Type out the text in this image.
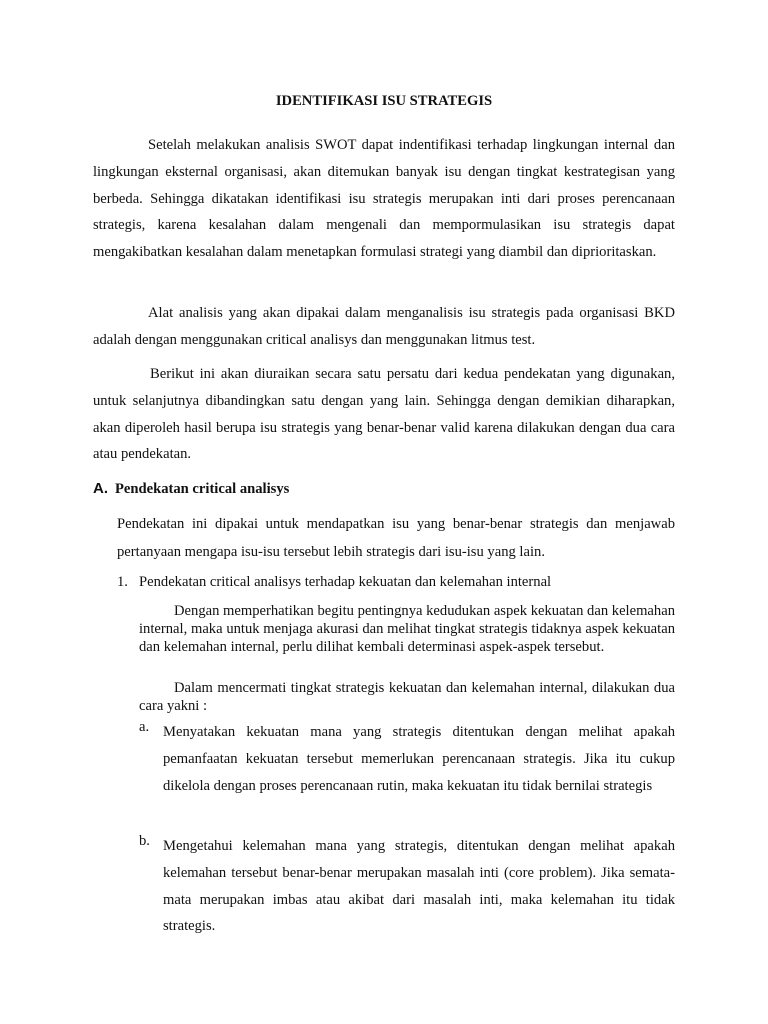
IDENTIFIKASI ISU STRATEGIS

Setelah melakukan analisis SWOT dapat indentifikasi terhadap lingkungan internal dan lingkungan eksternal organisasi, akan ditemukan banyak isu dengan tingkat kestrategisan yang berbeda. Sehingga dikatakan identifikasi isu strategis merupakan inti dari proses perencanaan strategis, karena kesalahan dalam mengenali dan mempormulasikan isu strategis dapat mengakibatkan kesalahan dalam menetapkan formulasi strategi yang diambil dan diprioritaskan.

Alat analisis yang akan dipakai dalam menganalisis isu strategis pada organisasi BKD adalah dengan menggunakan critical analisys dan menggunakan litmus test.

Berikut ini akan diuraikan secara satu persatu dari kedua pendekatan yang digunakan, untuk selanjutnya dibandingkan satu dengan yang lain. Sehingga dengan demikian diharapkan, akan diperoleh hasil berupa isu strategis yang benar-benar valid karena dilakukan dengan dua cara atau pendekatan.

A. Pendekatan critical analisys

Pendekatan ini dipakai untuk mendapatkan isu yang benar-benar strategis dan menjawab pertanyaan mengapa isu-isu tersebut lebih strategis dari isu-isu yang lain.

1. Pendekatan critical analisys terhadap kekuatan dan kelemahan internal

Dengan memperhatikan begitu pentingnya kedudukan aspek kekuatan dan kelemahan internal, maka untuk menjaga akurasi dan melihat tingkat strategis tidaknya aspek kekuatan dan kelemahan internal, perlu dilihat kembali determinasi aspek-aspek tersebut.

Dalam mencermati tingkat strategis kekuatan dan kelemahan internal, dilakukan dua cara yakni :

a. Menyatakan kekuatan mana yang strategis ditentukan dengan melihat apakah pemanfaatan kekuatan tersebut memerlukan perencanaan strategis. Jika itu cukup dikelola dengan proses perencanaan rutin, maka kekuatan itu tidak bernilai strategis

b. Mengetahui kelemahan mana yang strategis, ditentukan dengan melihat apakah kelemahan tersebut benar-benar merupakan masalah inti (core problem). Jika semata-mata merupakan imbas atau akibat dari masalah inti, maka kelemahan itu tidak strategis.
